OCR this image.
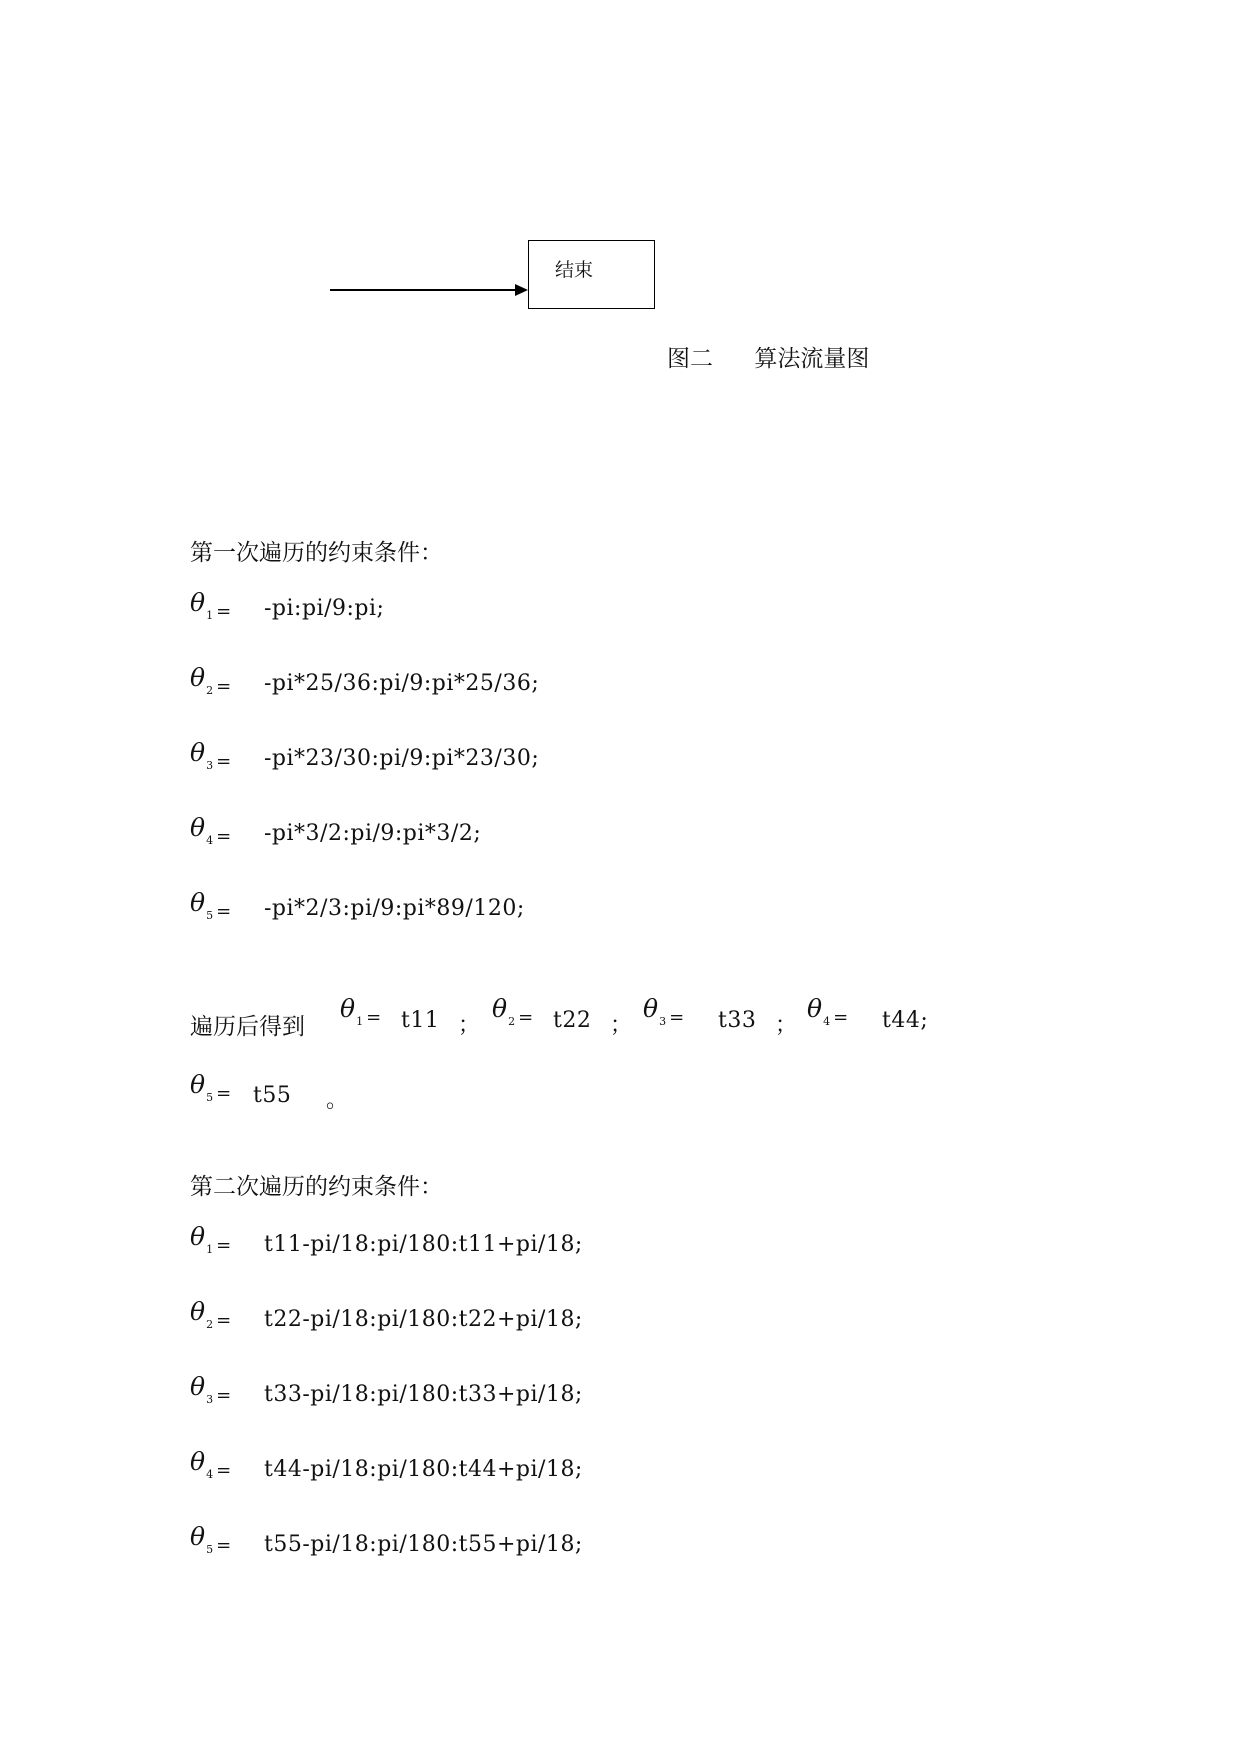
结束
图二 算法流量图
第一次遍历的约束条件：
$\theta_1$ = -pi:pi/9:pi;
$\theta_2$ = -pi*25/36:pi/9:pi*25/36;
$\theta_3$ = -pi*23/30:pi/9:pi*23/30;
$\theta_4$ = -pi*3/2:pi/9:pi*3/2;
$\theta_5$ = -pi*2/3:pi/9:pi*89/120;
遍历后得到
$\theta_1 = t11$ ；
$\theta_2 = t22$ ；
$\theta_3 = t33$ ；
$\theta_4 = t44$;
$\theta_5 = t55$ 。
第二次遍历的约束条件：
$\theta_1$ = t11-pi/18:pi/180:t11+pi/18;
$\theta_2$ = t22-pi/18:pi/180:t22+pi/18;
$\theta_3$ = t33-pi/18:pi/180:t33+pi/18;
$\theta_4$ = t44-pi/18:pi/180:t44+pi/18;
$\theta_5$ = t55-pi/18:pi/180:t55+pi/18;
